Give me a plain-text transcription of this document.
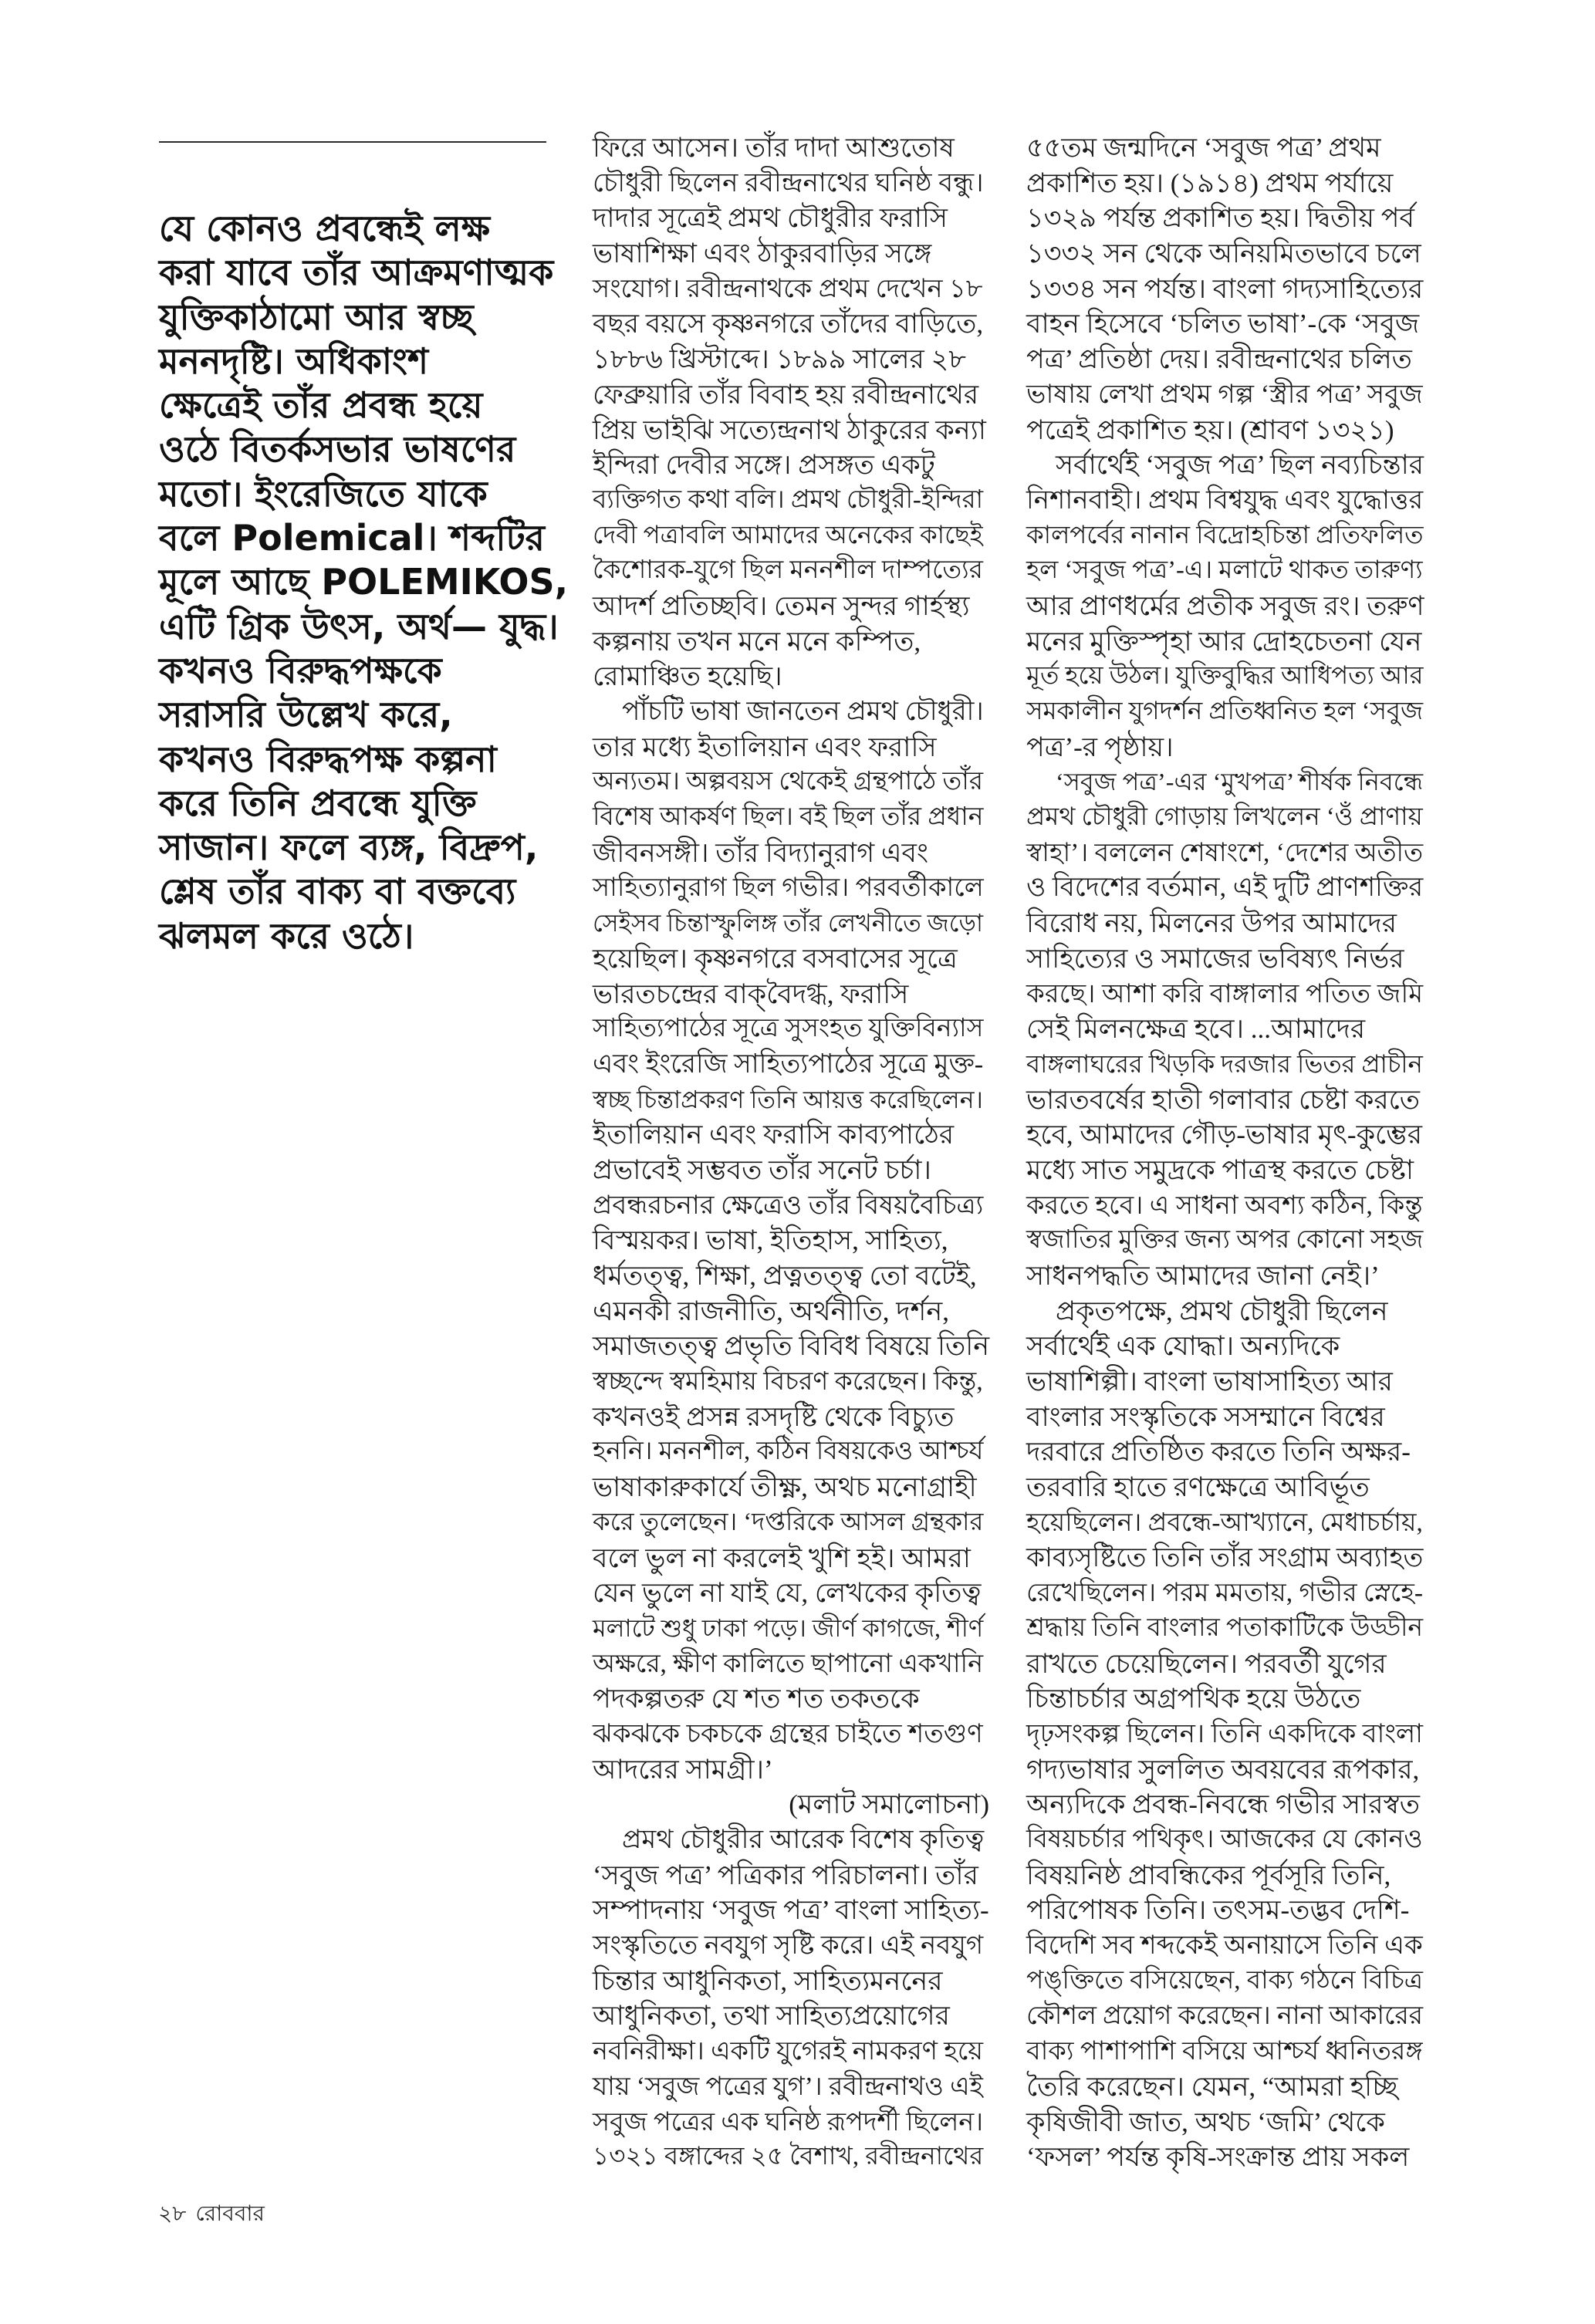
যে কোনও প্রবন্ধেই লক্ষ
করা যাবে তাঁর আক্রমণাত্মক
যুক্তিকাঠামো আর স্বচ্ছ
মননদৃষ্টি। অধিকাংশ
ক্ষেত্রেই তাঁর প্রবন্ধ হয়ে
ওঠে বিতর্কসভার ভাষণের
মতো। ইংরেজিতে যাকে
বলে Polemical। শব্দটির
মূলে আছে POLEMIKOS,
এটি গ্রিক উৎস, অর্থ— যুদ্ধ।
কখনও বিরুদ্ধপক্ষকে
সরাসরি উল্লেখ করে,
কখনও বিরুদ্ধপক্ষ কল্পনা
করে তিনি প্রবন্ধে যুক্তি
সাজান। ফলে ব্যঙ্গ, বিদ্রুপ,
শ্লেষ তাঁর বাক্য বা বক্তব্যে
ঝলমল করে ওঠে।
ফিরে আসেন। তাঁর দাদা আশুতোষ
চৌধুরী ছিলেন রবীন্দ্রনাথের ঘনিষ্ঠ বন্ধু।
দাদার সূত্রেই প্রমথ চৌধুরীর ফরাসি
ভাষাশিক্ষা এবং ঠাকুরবাড়ির সঙ্গে
সংযোগ। রবীন্দ্রনাথকে প্রথম দেখেন ১৮
বছর বয়সে কৃষ্ণনগরে তাঁদের বাড়িতে,
১৮৮৬ খ্রিস্টাব্দে। ১৮৯৯ সালের ২৮
ফেব্রুয়ারি তাঁর বিবাহ হয় রবীন্দ্রনাথের
প্রিয় ভাইঝি সত্যেন্দ্রনাথ ঠাকুরের কন্যা
ইন্দিরা দেবীর সঙ্গে। প্রসঙ্গত একটু
ব্যক্তিগত কথা বলি। প্রমথ চৌধুরী-ইন্দিরা
দেবী পত্রাবলি আমাদের অনেকের কাছেই
কৈশোরক-যুগে ছিল মননশীল দাম্পত্যের
আদর্শ প্রতিচ্ছবি। তেমন সুন্দর গার্হস্থ্য
কল্পনায় তখন মনে মনে কম্পিত,
রোমাঞ্চিত হয়েছি।
পাঁচটি ভাষা জানতেন প্রমথ চৌধুরী।
তার মধ্যে ইতালিয়ান এবং ফরাসি
অন্যতম। অল্পবয়স থেকেই গ্রন্থপাঠে তাঁর
বিশেষ আকর্ষণ ছিল। বই ছিল তাঁর প্রধান
জীবনসঙ্গী। তাঁর বিদ্যানুরাগ এবং
সাহিত্যানুরাগ ছিল গভীর। পরবর্তীকালে
সেইসব চিন্তাস্ফুলিঙ্গ তাঁর লেখনীতে জড়ো
হয়েছিল। কৃষ্ণনগরে বসবাসের সূত্রে
ভারতচন্দ্রের বাক্‌বৈদগ্ধ, ফরাসি
সাহিত্যপাঠের সূত্রে সুসংহত যুক্তিবিন্যাস
এবং ইংরেজি সাহিত্যপাঠের সূত্রে মুক্ত-
স্বচ্ছ চিন্তাপ্রকরণ তিনি আয়ত্ত করেছিলেন।
ইতালিয়ান এবং ফরাসি কাব্যপাঠের
প্রভাবেই সম্ভবত তাঁর সনেট চর্চা।
প্রবন্ধরচনার ক্ষেত্রেও তাঁর বিষয়বৈচিত্র্য
বিস্ময়কর। ভাষা, ইতিহাস, সাহিত্য,
ধর্মতত্ত্ব, শিক্ষা, প্রত্নতত্ত্ব তো বটেই,
এমনকী রাজনীতি, অর্থনীতি, দর্শন,
সমাজতত্ত্ব প্রভৃতি বিবিধ বিষয়ে তিনি
স্বচ্ছন্দে স্বমহিমায় বিচরণ করেছেন। কিন্তু,
কখনওই প্রসন্ন রসদৃষ্টি থেকে বিচ্যুত
হননি। মননশীল, কঠিন বিষয়কেও আশ্চর্য
ভাষাকারুকার্যে তীক্ষ্ণ, অথচ মনোগ্রাহী
করে তুলেছেন। ‘দপ্তরিকে আসল গ্রন্থকার
বলে ভুল না করলেই খুশি হই। আমরা
যেন ভুলে না যাই যে, লেখকের কৃতিত্ব
মলাটে শুধু ঢাকা পড়ে। জীর্ণ কাগজে, শীর্ণ
অক্ষরে, ক্ষীণ কালিতে ছাপানো একখানি
পদকল্পতরু যে শত শত তকতকে
ঝকঝকে চকচকে গ্রন্থের চাইতে শতগুণ
আদরের সামগ্রী।’
(মলাট সমালোচনা)
প্রমথ চৌধুরীর আরেক বিশেষ কৃতিত্ব
‘সবুজ পত্র’ পত্রিকার পরিচালনা। তাঁর
সম্পাদনায় ‘সবুজ পত্র’ বাংলা সাহিত্য-
সংস্কৃতিতে নবযুগ সৃষ্টি করে। এই নবযুগ
চিন্তার আধুনিকতা, সাহিত্যমননের
আধুনিকতা, তথা সাহিত্যপ্রয়োগের
নবনিরীক্ষা। একটি যুগেরই নামকরণ হয়ে
যায় ‘সবুজ পত্রের যুগ’। রবীন্দ্রনাথও এই
সবুজ পত্রের এক ঘনিষ্ঠ রূপদর্শী ছিলেন।
১৩২১ বঙ্গাব্দের ২৫ বৈশাখ, রবীন্দ্রনাথের
৫৫তম জন্মদিনে ‘সবুজ পত্র’ প্রথম
প্রকাশিত হয়। (১৯১৪) প্রথম পর্যায়ে
১৩২৯ পর্যন্ত প্রকাশিত হয়। দ্বিতীয় পর্ব
১৩৩২ সন থেকে অনিয়মিতভাবে চলে
১৩৩৪ সন পর্যন্ত। বাংলা গদ্যসাহিত্যের
বাহন হিসেবে ‘চলিত ভাষা’-কে ‘সবুজ
পত্র’ প্রতিষ্ঠা দেয়। রবীন্দ্রনাথের চলিত
ভাষায় লেখা প্রথম গল্প ‘স্ত্রীর পত্র’ সবুজ
পত্রেই প্রকাশিত হয়। (শ্রাবণ ১৩২১)
সর্বার্থেই ‘সবুজ পত্র’ ছিল নব্যচিন্তার
নিশানবাহী। প্রথম বিশ্বযুদ্ধ এবং যুদ্ধোত্তর
কালপর্বের নানান বিদ্রোহচিন্তা প্রতিফলিত
হল ‘সবুজ পত্র’-এ। মলাটে থাকত তারুণ্য
আর প্রাণধর্মের প্রতীক সবুজ রং। তরুণ
মনের মুক্তিস্পৃহা আর দ্রোহচেতনা যেন
মূর্ত হয়ে উঠল। যুক্তিবুদ্ধির আধিপত্য আর
সমকালীন যুগদর্শন প্রতিধ্বনিত হল ‘সবুজ
পত্র’-র পৃষ্ঠায়।
‘সবুজ পত্র’-এর ‘মুখপত্র’ শীর্ষক নিবন্ধে
প্রমথ চৌধুরী গোড়ায় লিখলেন ‘ওঁ প্রাণায়
স্বাহা’। বললেন শেষাংশে, ‘দেশের অতীত
ও বিদেশের বর্তমান, এই দুটি প্রাণশক্তির
বিরোধ নয়, মিলনের উপর আমাদের
সাহিত্যের ও সমাজের ভবিষ্যৎ নির্ভর
করছে। আশা করি বাঙ্গালার পতিত জমি
সেই মিলনক্ষেত্র হবে। ...আমাদের
বাঙ্গলাঘরের খিড়কি দরজার ভিতর প্রাচীন
ভারতবর্ষের হাতী গলাবার চেষ্টা করতে
হবে, আমাদের গৌড়-ভাষার মৃৎ-কুম্ভের
মধ্যে সাত সমুদ্রকে পাত্রস্থ করতে চেষ্টা
করতে হবে। এ সাধনা অবশ্য কঠিন, কিন্তু
স্বজাতির মুক্তির জন্য অপর কোনো সহজ
সাধনপদ্ধতি আমাদের জানা নেই।’
প্রকৃতপক্ষে, প্রমথ চৌধুরী ছিলেন
সর্বার্থেই এক যোদ্ধা। অন্যদিকে
ভাষাশিল্পী। বাংলা ভাষাসাহিত্য আর
বাংলার সংস্কৃতিকে সসম্মানে বিশ্বের
দরবারে প্রতিষ্ঠিত করতে তিনি অক্ষর-
তরবারি হাতে রণক্ষেত্রে আবির্ভূত
হয়েছিলেন। প্রবন্ধে-আখ্যানে, মেধাচর্চায়,
কাব্যসৃষ্টিতে তিনি তাঁর সংগ্রাম অব্যাহত
রেখেছিলেন। পরম মমতায়, গভীর স্নেহে-
শ্রদ্ধায় তিনি বাংলার পতাকাটিকে উড্ডীন
রাখতে চেয়েছিলেন। পরবর্তী যুগের
চিন্তাচর্চার অগ্রপথিক হয়ে উঠতে
দৃঢ়সংকল্প ছিলেন। তিনি একদিকে বাংলা
গদ্যভাষার সুললিত অবয়বের রূপকার,
অন্যদিকে প্রবন্ধ-নিবন্ধে গভীর সারস্বত
বিষয়চর্চার পথিকৃৎ। আজকের যে কোনও
বিষয়নিষ্ঠ প্রাবন্ধিকের পূর্বসূরি তিনি,
পরিপোষক তিনি। তৎসম-তদ্ভব দেশি-
বিদেশি সব শব্দকেই অনায়াসে তিনি এক
পঙ্‌ক্তিতে বসিয়েছেন, বাক্য গঠনে বিচিত্র
কৌশল প্রয়োগ করেছেন। নানা আকারের
বাক্য পাশাপাশি বসিয়ে আশ্চর্য ধ্বনিতরঙ্গ
তৈরি করেছেন। যেমন, “আমরা হচ্ছি
কৃষিজীবী জাত, অথচ ‘জমি’ থেকে
‘ফসল’ পর্যন্ত কৃষি-সংক্রান্ত প্রায় সকল
২৮ রোববার
